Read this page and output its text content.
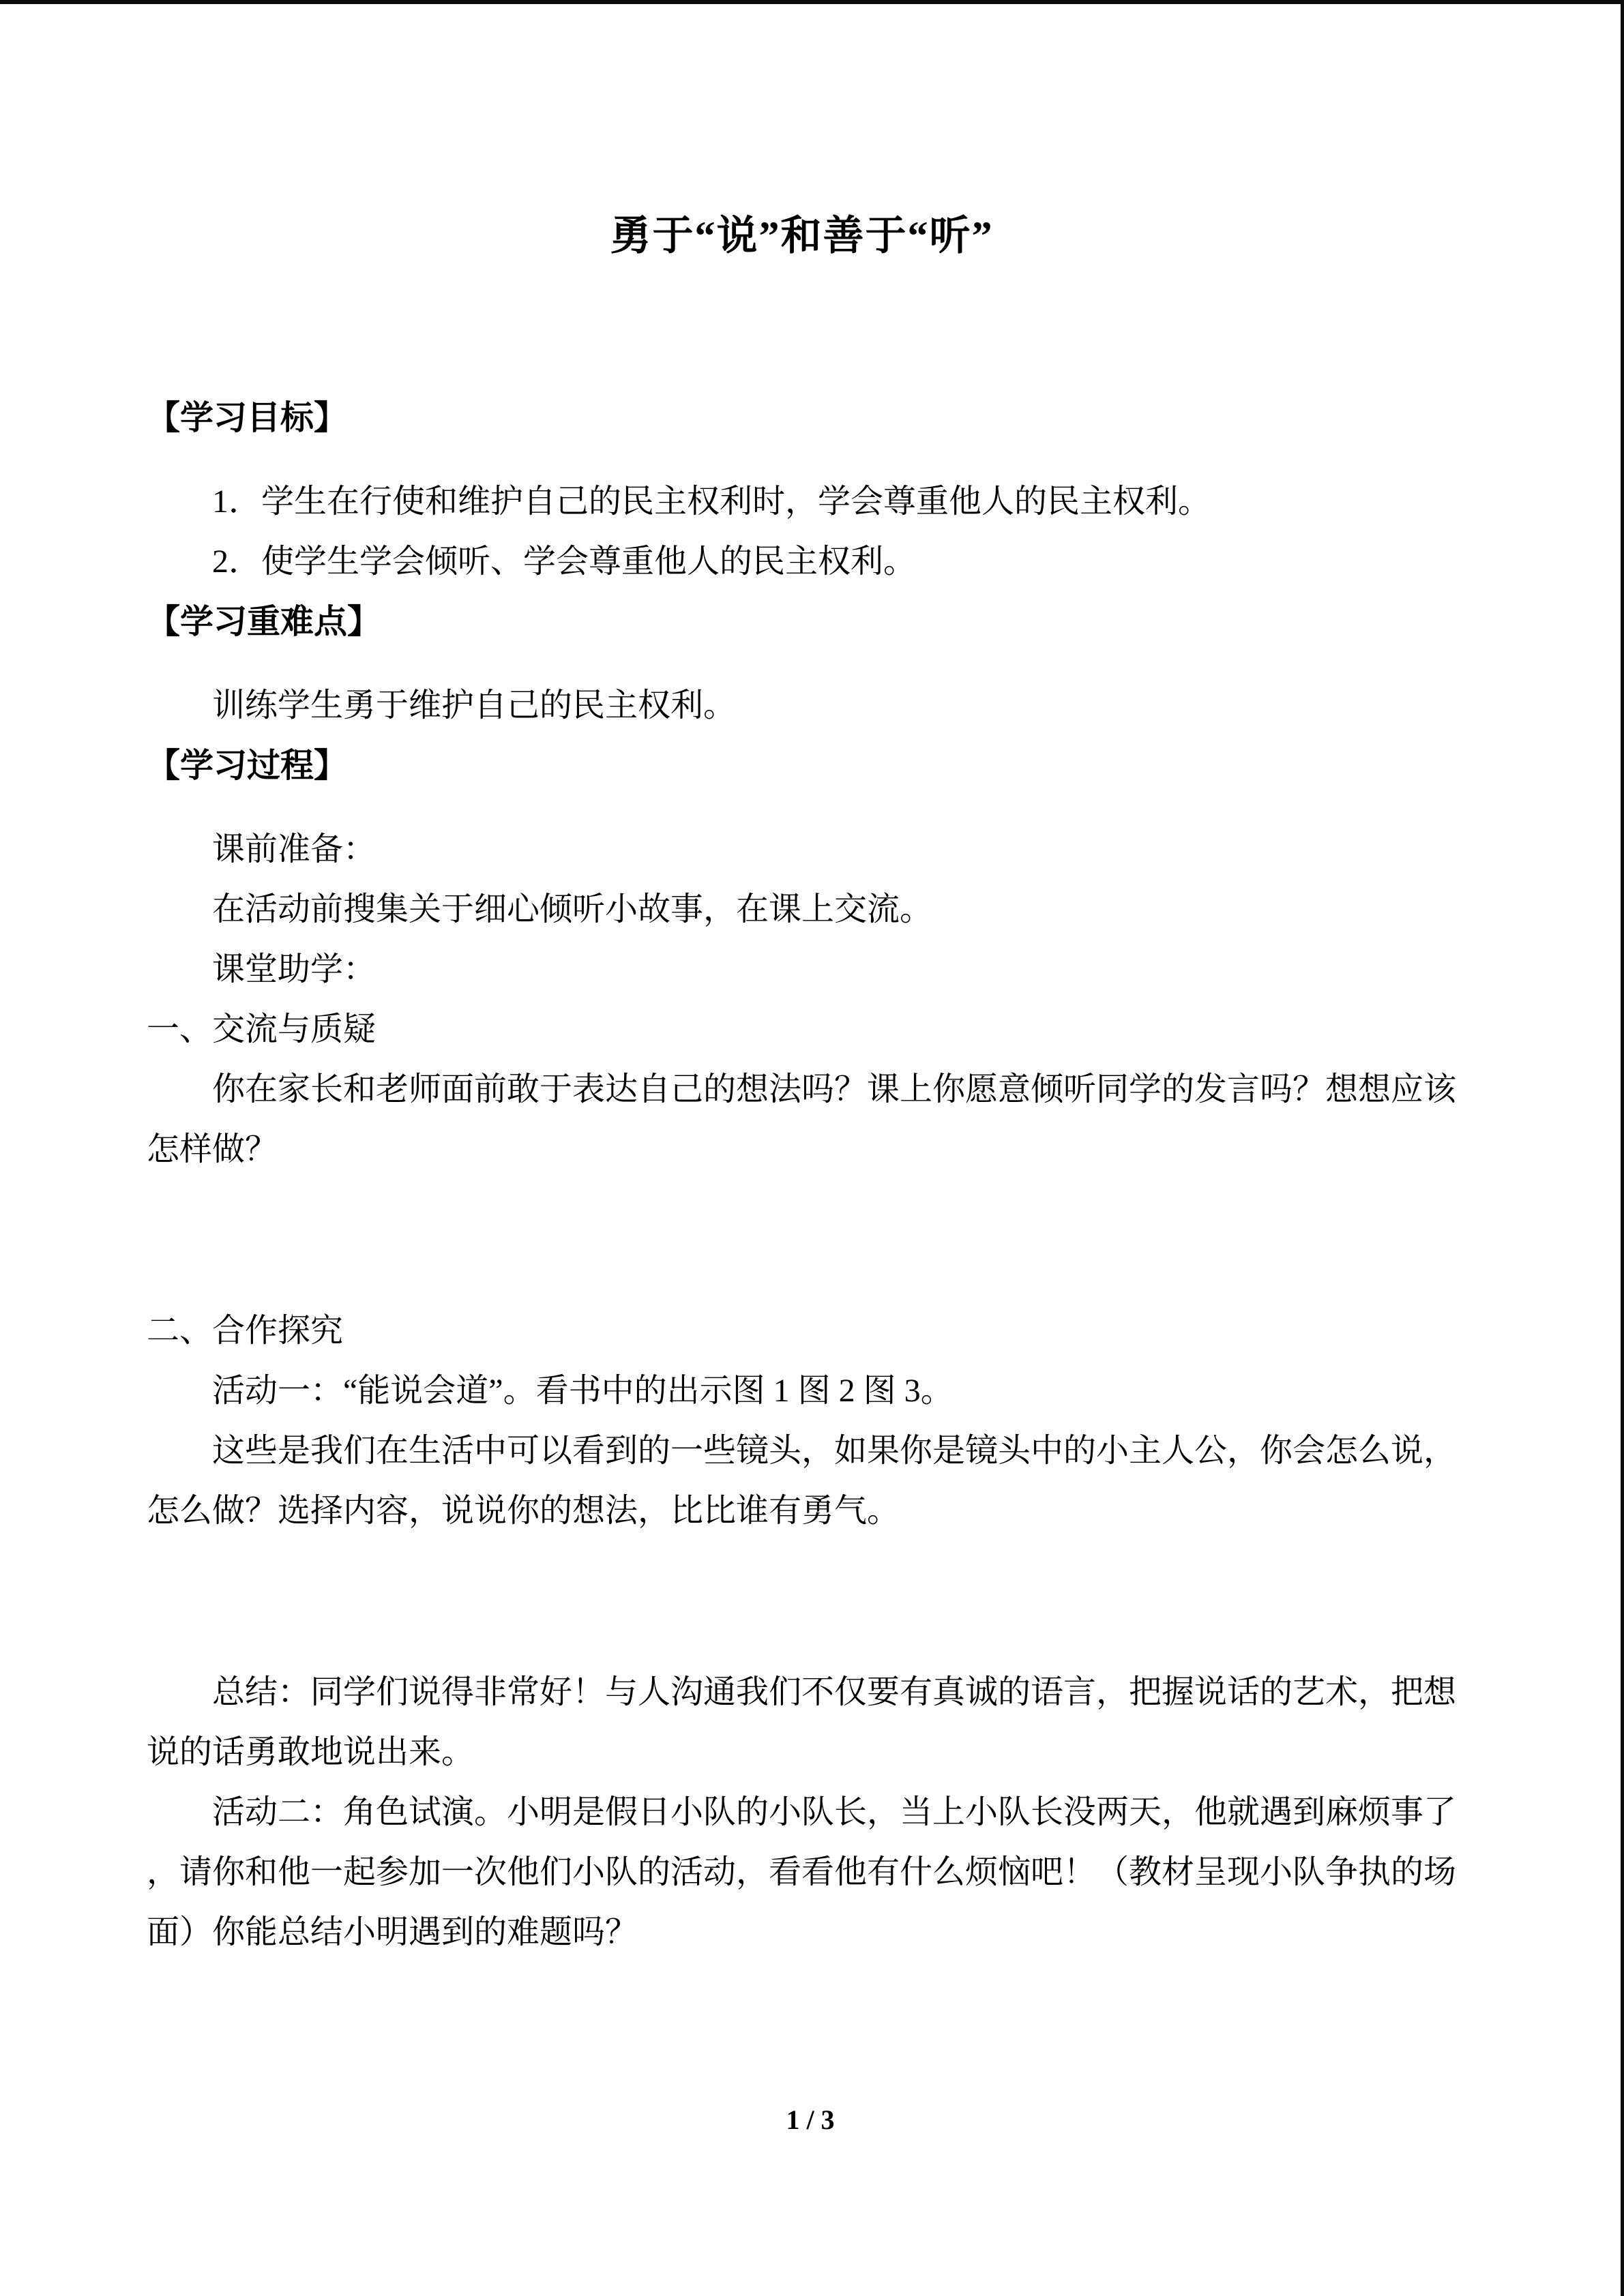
勇于“说”和善于“听”
【学习目标】
1．学生在行使和维护自己的民主权利时，学会尊重他人的民主权利。
2．使学生学会倾听、学会尊重他人的民主权利。
【学习重难点】
训练学生勇于维护自己的民主权利。
【学习过程】
课前准备：
在活动前搜集关于细心倾听小故事，在课上交流。
课堂助学：
一、交流与质疑
你在家长和老师面前敢于表达自己的想法吗？课上你愿意倾听同学的发言吗？想想应该
怎样做？
二、合作探究
活动一：“能说会道”。看书中的出示图 1 图 2 图 3。
这些是我们在生活中可以看到的一些镜头，如果你是镜头中的小主人公，你会怎么说，
怎么做？选择内容，说说你的想法，比比谁有勇气。
总结：同学们说得非常好！与人沟通我们不仅要有真诚的语言，把握说话的艺术，把想
说的话勇敢地说出来。
活动二：角色试演。小明是假日小队的小队长，当上小队长没两天，他就遇到麻烦事了
，请你和他一起参加一次他们小队的活动，看看他有什么烦恼吧！（教材呈现小队争执的场
面）你能总结小明遇到的难题吗？
1 / 3
